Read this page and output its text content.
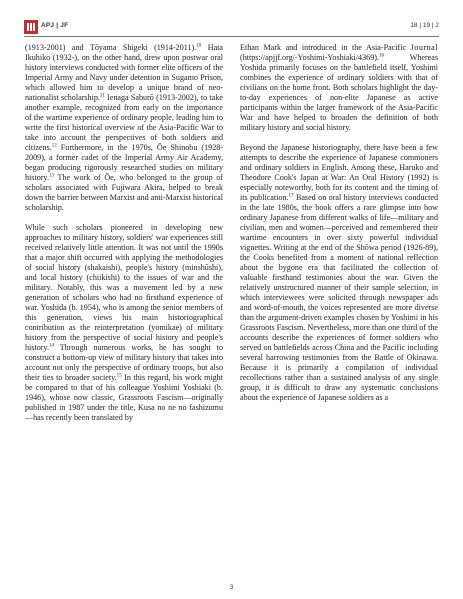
APJ | JF	18 | 19 | 2

(1913-2001) and Tōyama Shigeki (1914-2011).$^{10}$ Hata Ikuhiko (1932-), on the other hand, drew upon postwar oral history interviews conducted with former elite officers of the Imperial Army and Navy under detention in Sugamo Prison, which allowed him to develop a unique brand of neo-nationalist scholarship.$^{11}$ Ienaga Saburō (1913-2002), to take another example, recognized from early on the importance of the wartime experience of ordinary people, leading him to write the first historical overview of the Asia-Pacific War to take into account the perspectives of both soldiers and citizens.$^{12}$ Furthermore, in the 1970s, Ōe Shinobu (1928-2009), a former cadet of the Imperial Army Air Academy, began producing rigorously researched studies on military history.$^{13}$ The work of Ōe, who belonged to the group of scholars associated with Fujiwara Akira, helped to break down the barrier between Marxist and anti-Marxist historical scholarship.

While such scholars pioneered in developing new approaches to military history, soldiers' war experiences still received relatively little attention. It was not until the 1990s that a major shift occurred with applying the methodologies of social history (shakaishi), people's history (minshūshi), and local history (chiikishi) to the issues of war and the military. Notably, this was a movement led by a new generation of scholars who had no firsthand experience of war. Yoshida (b. 1954), who is among the senior members of this generation, views his main historiographical contribution as the reinterpretation (yomikae) of military history from the perspective of social history and people's history.$^{14}$ Through numerous works, he has sought to construct a bottom-up view of military history that takes into account not only the perspective of ordinary troops, but also their ties to broader society.$^{15}$ In this regard, his work might be compared to that of his colleague Yoshimi Yoshiaki (b. 1946), whose now classic, Grassroots Fascism—originally published in 1987 under the title, Kusa no ne no fashizumu—has recently been translated by

Ethan Mark and introduced in the Asia-Pacific Journal (https://apjjf.org/-Yoshimi-Yoshiaki/4369).$^{16}$ Whereas Yoshida primarily focuses on the battlefield itself, Yoshimi combines the experience of ordinary soldiers with that of civilians on the home front. Both scholars highlight the day-to-day experiences of non-elite Japanese as active participants within the larger framework of the Asia-Pacific War and have helped to broaden the definition of both military history and social history.

Beyond the Japanese historiography, there have been a few attempts to describe the experience of Japanese commoners and ordinary soldiers in English. Among these, Haruko and Theodore Cook's Japan at War: An Oral History (1992) is especially noteworthy, both for its content and the timing of its publication.$^{17}$ Based on oral history interviews conducted in the late 1980s, the book offers a rare glimpse into how ordinary Japanese from different walks of life—military and civilian, men and women—perceived and remembered their wartime encounters in over sixty powerful individual vignettes. Writing at the end of the Shōwa period (1926-89), the Cooks benefited from a moment of national reflection about the bygone era that facilitated the collection of valuable firsthand testimonies about the war. Given the relatively unstructured manner of their sample selection, in which interviewees were solicited through newspaper ads and word-of-mouth, the voices represented are more diverse than the argument-driven examples chosen by Yoshimi in his Grassroots Fascism. Nevertheless, more than one third of the accounts describe the experiences of former soldiers who served on battlefields across China and the Pacific including several harrowing testimonies from the Battle of Okinawa. Because it is primarily a compilation of individual recollections rather than a sustained analysis of any single group, it is difficult to draw any systematic conclusions about the experience of Japanese soldiers as a

3
